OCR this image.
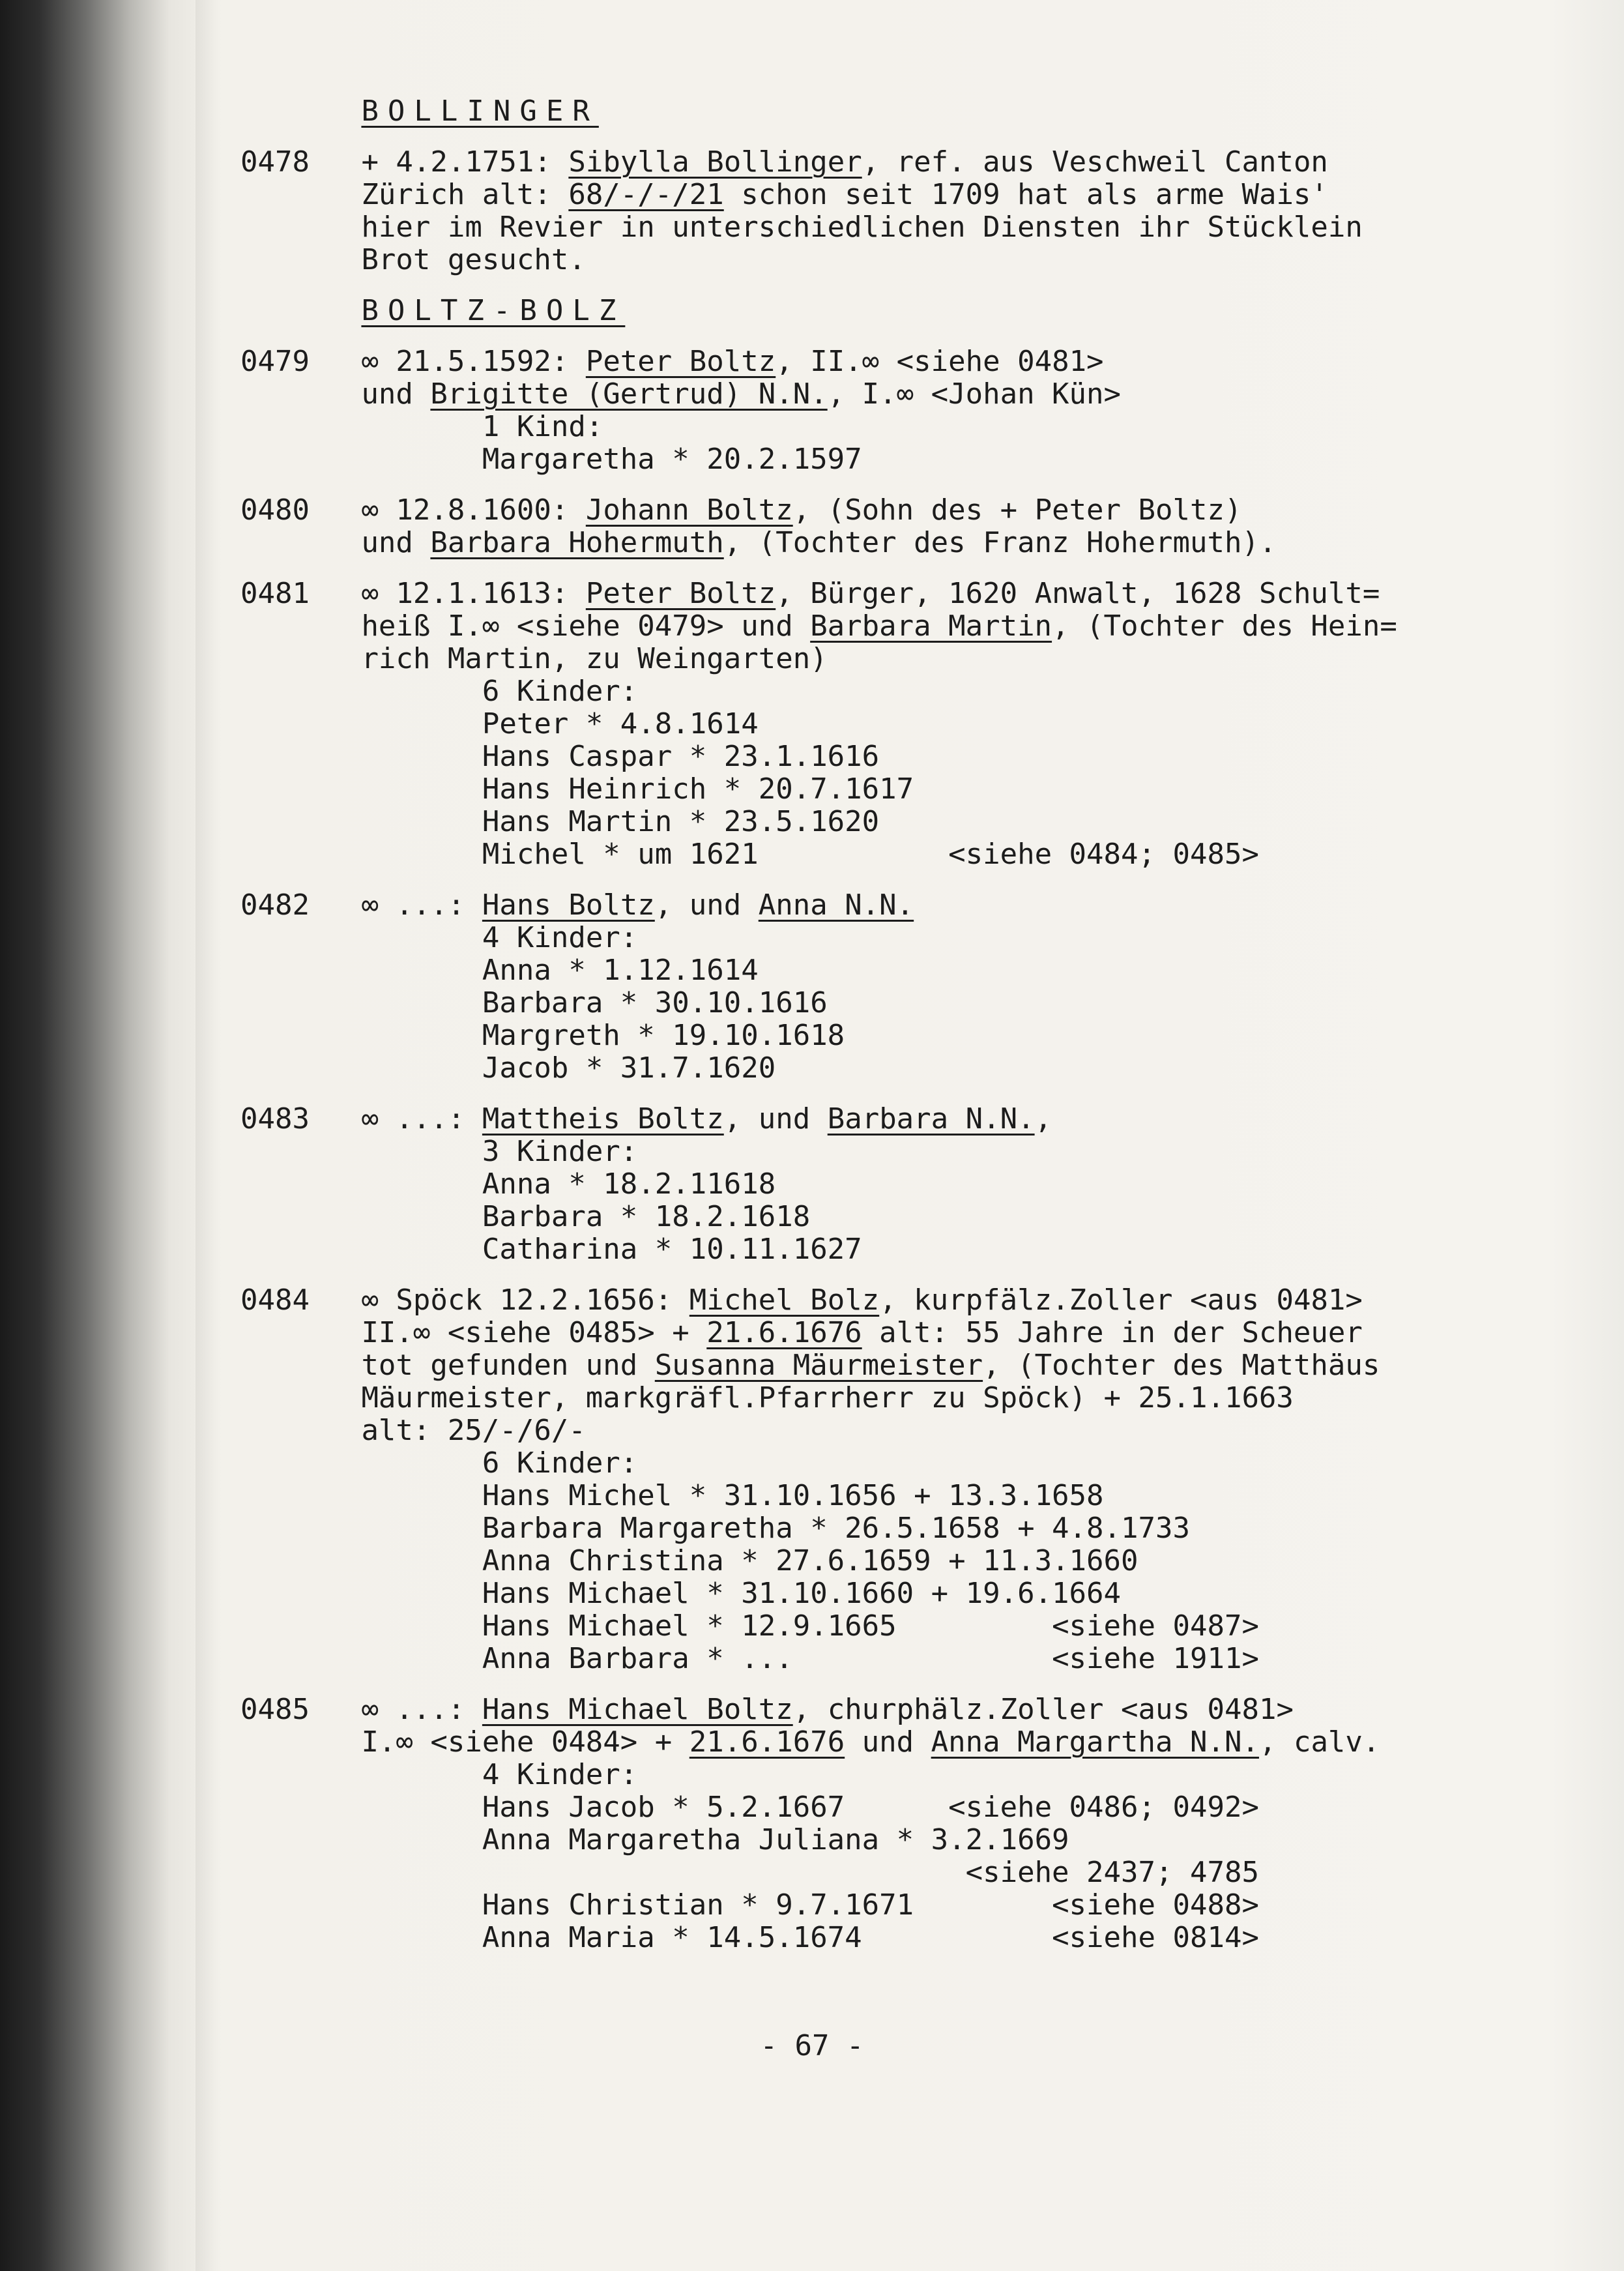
BOLLINGER
0478 + 4.2.1751: Sibylla Bollinger, ref. aus Veschweil Canton
Zürich alt: 68/-/-/21 schon seit 1709 hat als arme Wais'
hier im Revier in unterschiedlichen Diensten ihr Stücklein
Brot gesucht.
BOLTZ-BOLZ
0479 ∞ 21.5.1592: Peter Boltz, II.∞ <siehe 0481>
und Brigitte (Gertrud) N.N., I.∞ <Johan Kün>
1 Kind:
Margaretha * 20.2.1597
0480 ∞ 12.8.1600: Johann Boltz, (Sohn des + Peter Boltz)
und Barbara Hohermuth, (Tochter des Franz Hohermuth).
0481 ∞ 12.1.1613: Peter Boltz, Bürger, 1620 Anwalt, 1628 Schult=
heiß I.∞ <siehe 0479> und Barbara Martin, (Tochter des Hein=
rich Martin, zu Weingarten)
6 Kinder:
Peter * 4.8.1614
Hans Caspar * 23.1.1616
Hans Heinrich * 20.7.1617
Hans Martin * 23.5.1620
Michel * um 1621	<siehe 0484; 0485>
0482 ∞ ...: Hans Boltz, und Anna N.N.
4 Kinder:
Anna * 1.12.1614
Barbara * 30.10.1616
Margreth * 19.10.1618
Jacob * 31.7.1620
0483 ∞ ...: Mattheis Boltz, und Barbara N.N.,
3 Kinder:
Anna * 18.2.11618
Barbara * 18.2.1618
Catharina * 10.11.1627
0484 ∞ Spöck 12.2.1656: Michel Bolz, kurpfälz.Zoller <aus 0481>
II.∞ <siehe 0485> + 21.6.1676 alt: 55 Jahre in der Scheuer
tot gefunden und Susanna Mäurmeister, (Tochter des Matthäus
Mäurmeister, markgräfl.Pfarrherr zu Spöck) + 25.1.1663
alt: 25/-/6/-
6 Kinder:
Hans Michel * 31.10.1656 + 13.3.1658
Barbara Margaretha * 26.5.1658 + 4.8.1733
Anna Christina * 27.6.1659 + 11.3.1660
Hans Michael * 31.10.1660 + 19.6.1664
Hans Michael * 12.9.1665	<siehe 0487>
Anna Barbara * ...	<siehe 1911>
0485 ∞ ...: Hans Michael Boltz, churphälz.Zoller <aus 0481>
I.∞ <siehe 0484> + 21.6.1676 und Anna Margartha N.N., calv.
4 Kinder:
Hans Jacob * 5.2.1667	<siehe 0486; 0492>
Anna Margaretha Juliana * 3.2.1669
<siehe 2437; 4785
Hans Christian * 9.7.1671	<siehe 0488>
Anna Maria * 14.5.1674	<siehe 0814>
- 67 -
